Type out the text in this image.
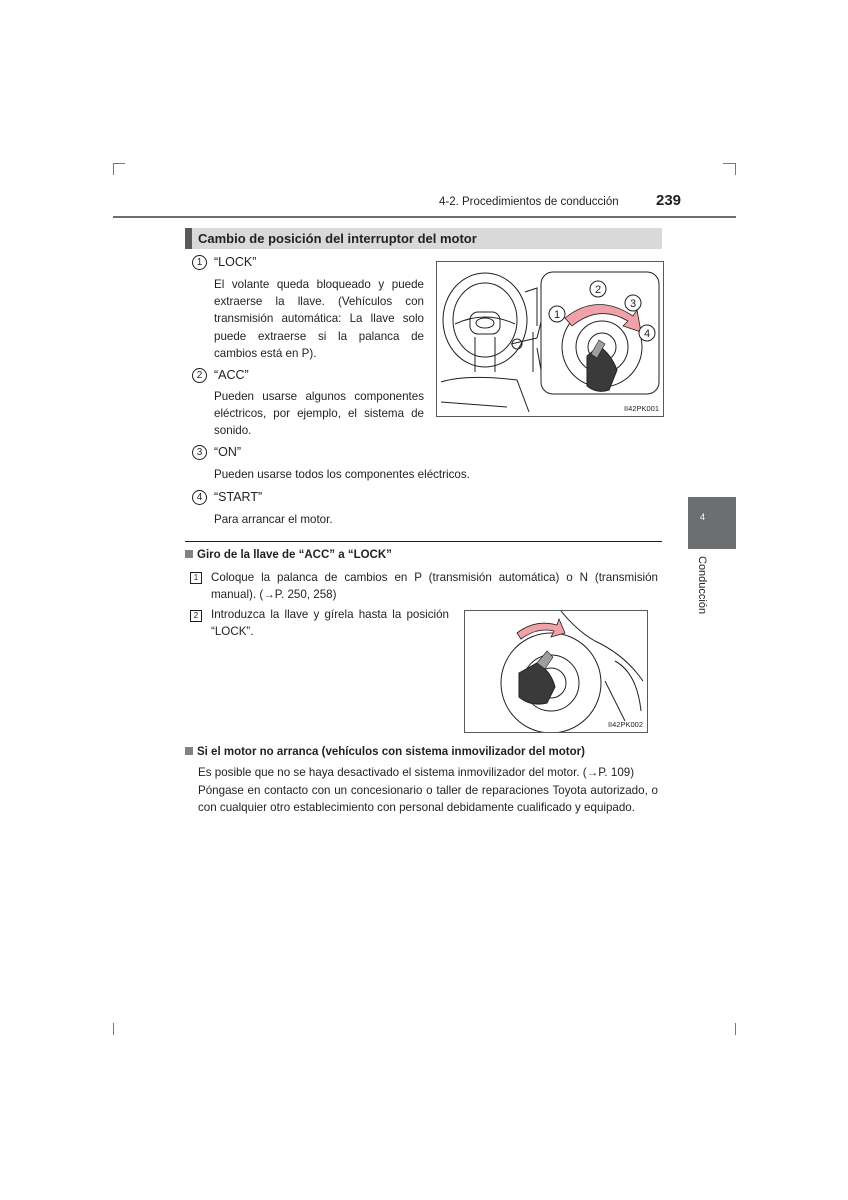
4-2. Procedimientos de conducción 239
Cambio de posición del interruptor del motor
1 “LOCK”
El volante queda bloqueado y puede extraerse la llave. (Vehículos con transmisión automática: La llave solo puede extraerse si la palanca de cambios está en P).
2 “ACC”
Pueden usarse algunos componentes eléctricos, por ejemplo, el sistema de sonido.
3 “ON”
Pueden usarse todos los componentes eléctricos.
4 “START”
Para arrancar el motor.
1
2
3
4
II42PK001
Giro de la llave de “ACC” a “LOCK”
1	Coloque la palanca de cambios en P (transmisión automática) o N (transmisión manual). (→P. 250, 258)
2	Introduzca la llave y gírela hasta la posición “LOCK”.
II42PK002
Si el motor no arranca (vehículos con sistema inmovilizador del motor)
Es posible que no se haya desactivado el sistema inmovilizador del motor. (→P. 109)
Póngase en contacto con un concesionario o taller de reparaciones Toyota autorizado, o con cualquier otro establecimiento con personal debidamente cualificado y equipado.
4
Conducción
